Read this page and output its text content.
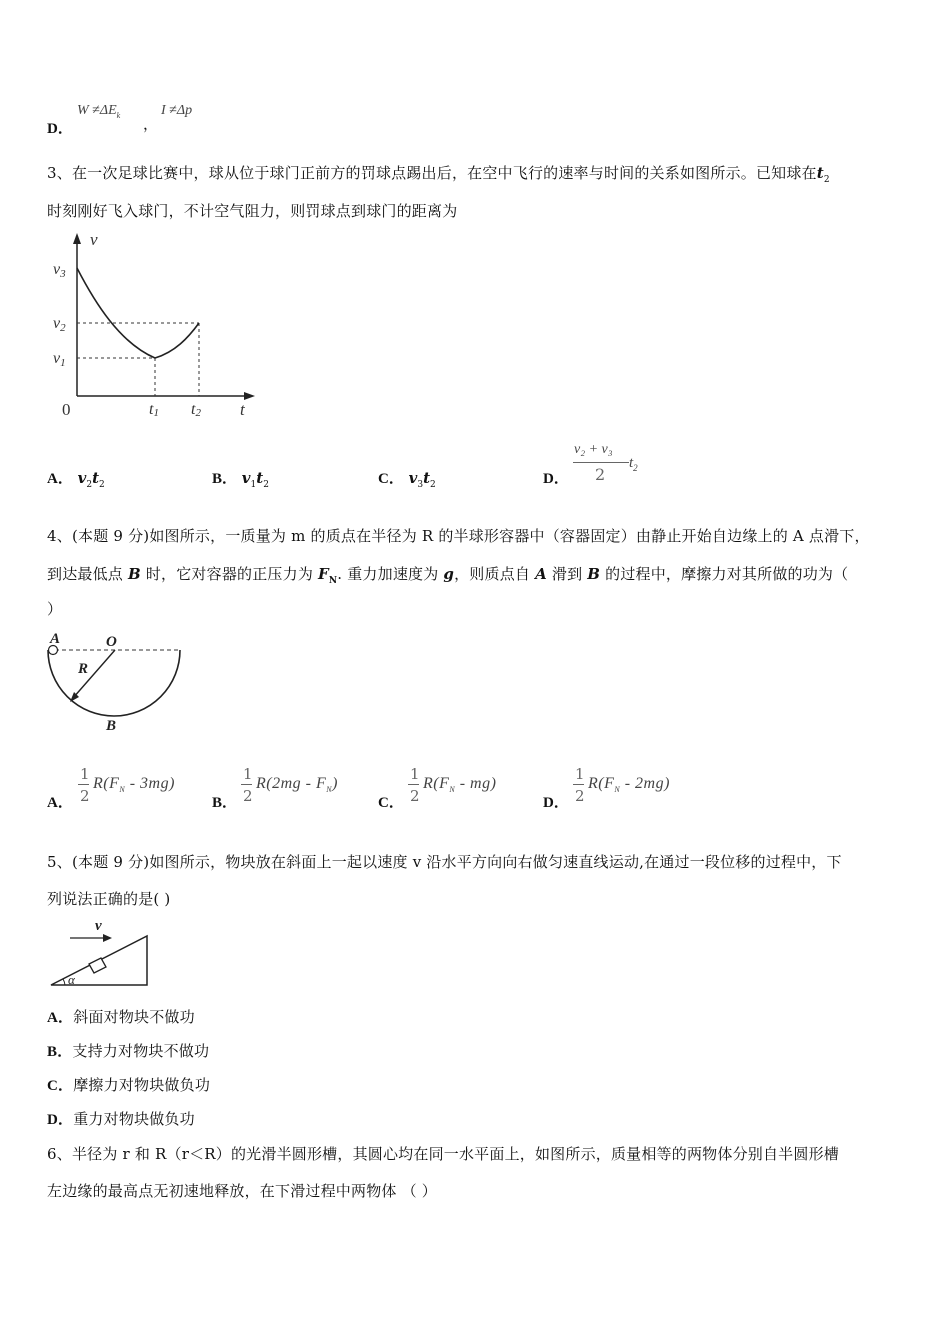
D．
$W \ne\Delta E_k$ ，
I ≠Δp
3、在一次足球比赛中，球从位于球门正前方的罚球点踢出后，在空中飞行的速率与时间的关系如图所示。已知球在$t_2$
时刻刚好飞入球门，不计空气阻力，则罚球点到球门的距离为
v
t
0
v3
v2
v1
t1 t2
A． $v_2t_2$	B． $v_1t_2$	C． $v_3t_2$	D．
v₂ + v₃
2
$t_2$
4、(本题 9 分)如图所示，一质量为 m 的质点在半径为 R 的半球形容器中（容器固定）由静止开始自边缘上的 A 点滑下，
到达最低点 B 时，它对容器的正压力为 $F_N$. 重力加速度为 g，则质点自 A 滑到 B 的过程中，摩擦力对其所做的功为（
）
A	O
R
B
A．
1
2
$R(F_N - 3mg)$
B．
1
2
$R(2mg - F_N)$
C．
1
2
$R(F_N - mg)$
D．
1
2
$R(F_N - 2mg)$
5、(本题 9 分)如图所示，物块放在斜面上一起以速度 v 沿水平方向向右做匀速直线运动,在通过一段位移的过程中，下
列说法正确的是( )
v
α
A．斜面对物块不做功
B．支持力对物块不做功
C．摩擦力对物块做负功
D．重力对物块做负功
6、半径为 r 和 R（r＜R）的光滑半圆形槽，其圆心均在同一水平面上，如图所示，质量相等的两物体分别自半圆形槽
左边缘的最高点无初速地释放，在下滑过程中两物体 （ ）
